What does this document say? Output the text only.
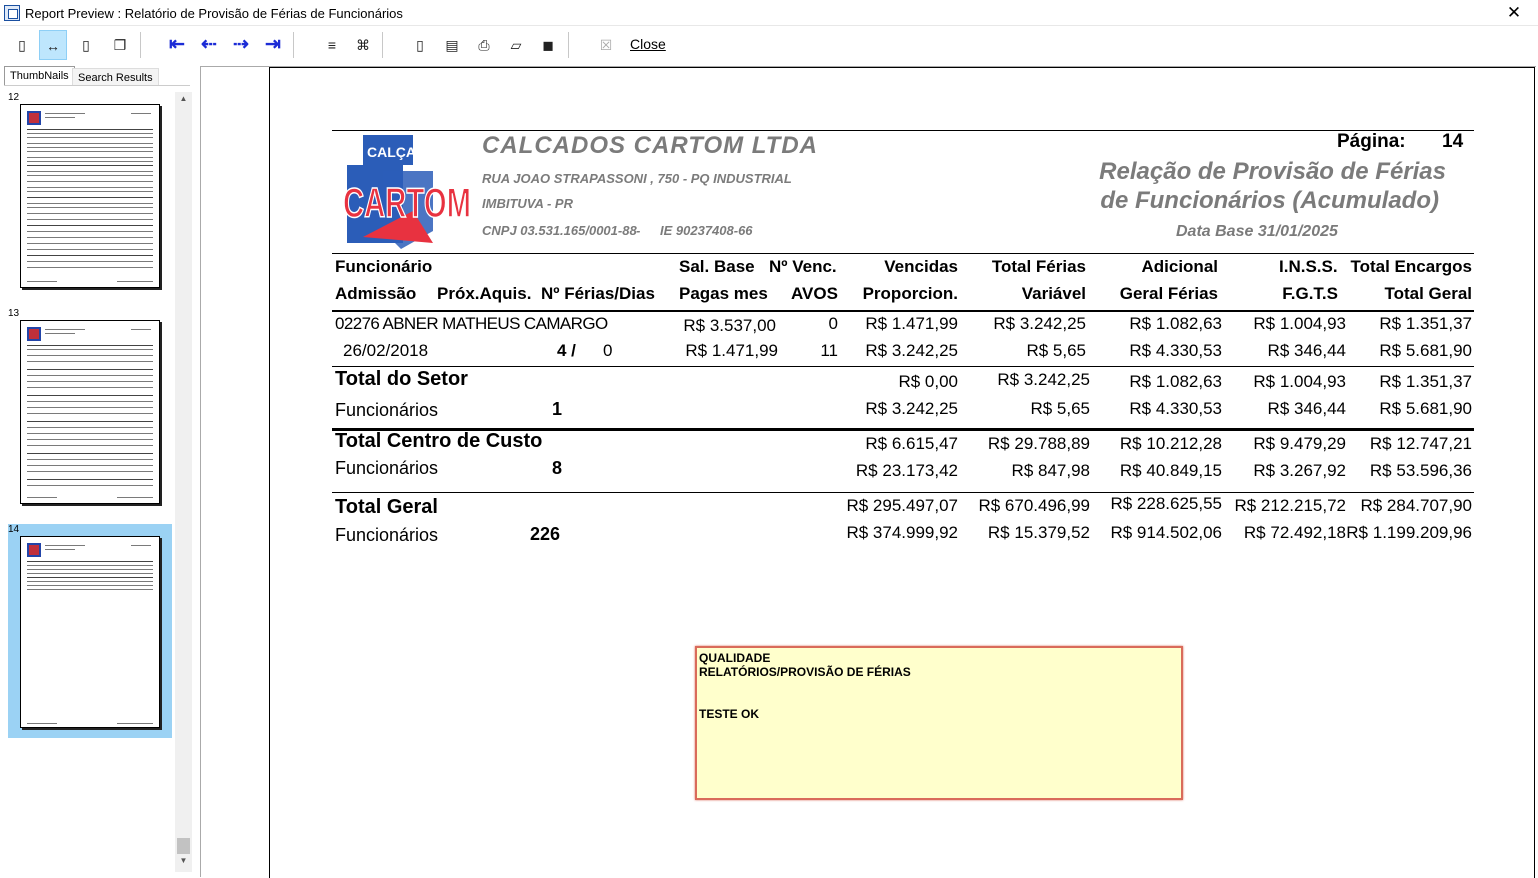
Report Preview : Relatório de Provisão de Férias de Funcionários	✕
▯	↔	▯	❐	⇤ ⇠ ⇢ ⇥	≡	⌘	▯	▤	⎙	▱	◼	☒	Close
ThumbNails Search Results
12
13
14
▲
▼
CALÇADOS
CARTOM
CALCADOS CARTOM LTDA
RUA JOAO STRAPASSONI , 750 - PQ INDUSTRIAL
IMBITUVA - PR
CNPJ 03.531.165/0001-88 - IE 90237408-66
Página: 14
Relação de Provisão de Férias
de Funcionários (Acumulado)
Data Base 31/01/2025
Funcionário	Sal. Base Nº Venc.	Vencidas	Total Férias	Adicional	I.N.S.S. Total Encargos
Admissão Próx.Aquis. Nº Férias/Dias Pagas mes AVOS	Proporcion.	Variável	Geral Férias	F.G.T.S	Total Geral
02276 ABNER MATHEUS CAMARGO	R$ 3.537,00	0	R$ 1.471,99	R$ 3.242,25	R$ 1.082,63	R$ 1.004,93	R$ 1.351,37
26/02/2018	4 / 0	R$ 1.471,99	11	R$ 3.242,25	R$ 5,65	R$ 4.330,53	R$ 346,44	R$ 5.681,90
Total do Setor	R$ 0,00	R$ 3.242,25	R$ 1.082,63	R$ 1.004,93	R$ 1.351,37
Funcionários	1	R$ 3.242,25	R$ 5,65	R$ 4.330,53	R$ 346,44	R$ 5.681,90
Total Centro de Custo	R$ 6.615,47	R$ 29.788,89	R$ 10.212,28	R$ 9.479,29	R$ 12.747,21
Funcionários	8	R$ 23.173,42	R$ 847,98	R$ 40.849,15	R$ 3.267,92	R$ 53.596,36
Total Geral	R$ 295.497,07	R$ 670.496,99	R$ 228.625,55 R$ 212.215,72 R$ 284.707,90
Funcionários	226	R$ 374.999,92	R$ 15.379,52	R$ 914.502,06	R$ 72.492,18 R$ 1.199.209,96
QUALIDADE
RELATÓRIOS/PROVISÃO DE FÉRIAS
TESTE OK
